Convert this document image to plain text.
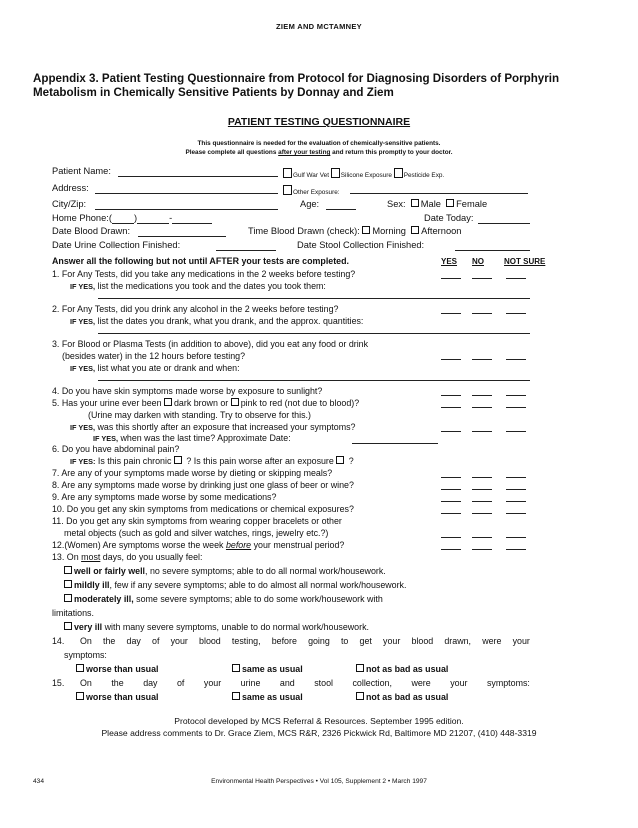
ZIEM AND MCTAMNEY
Appendix 3. Patient Testing Questionnaire from Protocol for Diagnosing Disorders of Porphyrin Metabolism in Chemically Sensitive Patients by Donnay and Ziem
PATIENT TESTING QUESTIONNAIRE
This questionnaire is needed for the evaluation of chemically-sensitive patients.
Please complete all questions after your testing and return this promptly to your doctor.
Patient Name:	Gulf War Vet Silicone Exposure Pesticide Exp.
Address:	Other Exposure:
City/Zip:	Age:	Sex: Male Female
Home Phone:( )	-	Date Today:
Date Blood Drawn:	Time Blood Drawn (check): Morning Afternoon
Date Urine Collection Finished:	Date Stool Collection Finished:
Answer all the following but not until AFTER your tests are completed.	YES NO	NOT SURE
1. For Any Tests, did you take any medications in the 2 weeks before testing?
IF YES, list the medications you took and the dates you took them:
2. For Any Tests, did you drink any alcohol in the 2 weeks before testing?
IF YES, list the dates you drank, what you drank, and the approx. quantities:
3. For Blood or Plasma Tests (in addition to above), did you eat any food or drink
(besides water) in the 12 hours before testing?
IF YES, list what you ate or drank and when:
4. Do you have skin symptoms made worse by exposure to sunlight?
5. Has your urine ever been dark brown or pink to red (not due to blood)?
(Urine may darken with standing. Try to observe for this.)
IF YES, was this shortly after an exposure that increased your symptoms?
IF YES, when was the last time? Approximate Date:
6. Do you have abdominal pain?
IF YES: Is this pain chronic  ? Is this pain worse after an exposure  ?
7. Are any of your symptoms made worse by dieting or skipping meals?
8. Are any symptoms made worse by drinking just one glass of beer or wine?
9. Are any symptoms made worse by some medications?
10. Do you get any skin symptoms from medications or chemical exposures?
11. Do you get any skin symptoms from wearing copper bracelets or other
metal objects (such as gold and silver watches, rings, jewelry etc.?)
12.(Women) Are symptoms worse the week before your menstrual period?
13. On most days, do you usually feel:
well or fairly well, no severe symptoms; able to do all normal work/housework.
mildly ill, few if any severe symptoms; able to do almost all normal work/housework.
moderately ill, some severe symptoms; able to do some work/housework with
limitations.
very ill with many severe symptoms, unable to do normal work/housework.
14. On the day of your blood testing, before going to get your blood drawn, were your
symptoms:
worse than usual	same as usual	not as bad as usual
15. On the day of your urine and stool collection, were your symptoms:
worse than usual	same as usual	not as bad as usual
Protocol developed by MCS Referral & Resources. September 1995 edition.
Please address comments to Dr. Grace Ziem, MCS R&R, 2326 Pickwick Rd, Baltimore MD 21207, (410) 448-3319
434	Environmental Health Perspectives • Vol 105, Supplement 2 • March 1997
